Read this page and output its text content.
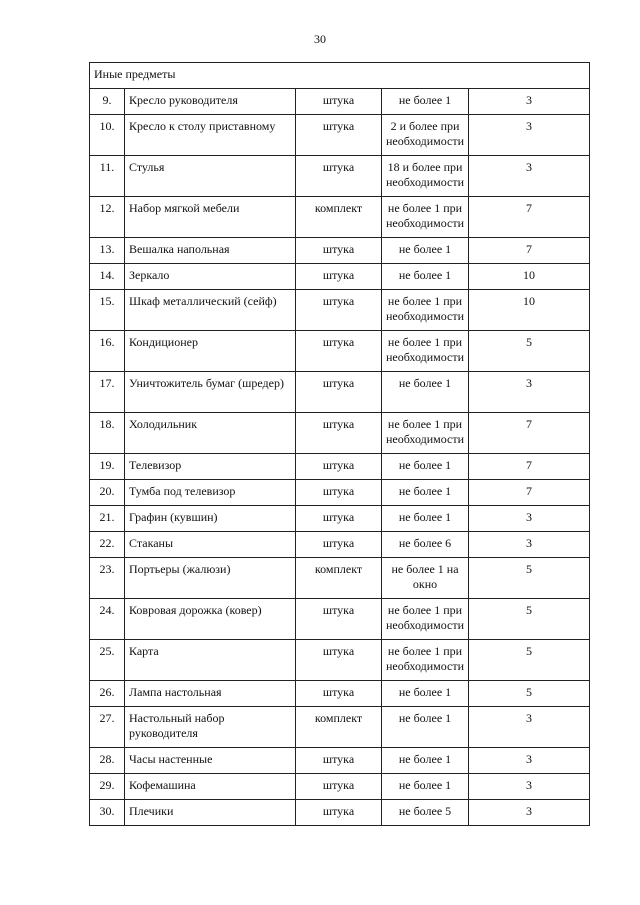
30
Иные предметы				
9.	Кресло руководителя	штука	не более 1	3
10.	Кресло к столу приставному	штука	2 и более при необходимости	3
11.	Стулья	штука	18 и более при необходимости	3
12.	Набор мягкой мебели	комплект	не более 1 при необходимости	7
13.	Вешалка напольная	штука	не более 1	7
14.	Зеркало	штука	не более 1	10
15.	Шкаф металлический (сейф)	штука	не более 1 при необходимости	10
16.	Кондиционер	штука	не более 1 при необходимости	5
17.	Уничтожитель бумаг (шредер)	штука	не более 1	3
18.	Холодильник	штука	не более 1 при необходимости	7
19.	Телевизор	штука	не более 1	7
20.	Тумба под телевизор	штука	не более 1	7
21.	Графин (кувшин)	штука	не более 1	3
22.	Стаканы	штука	не более 6	3
23.	Портьеры (жалюзи)	комплект	не более 1 на окно	5
24.	Ковровая дорожка (ковер)	штука	не более 1 при необходимости	5
25.	Карта	штука	не более 1 при необходимости	5
26.	Лампа настольная	штука	не более 1	5
27.	Настольный набор руководителя	комплект	не более 1	3
28.	Часы настенные	штука	не более 1	3
29.	Кофемашина	штука	не более 1	3
30.	Плечики	штука	не более 5	3
